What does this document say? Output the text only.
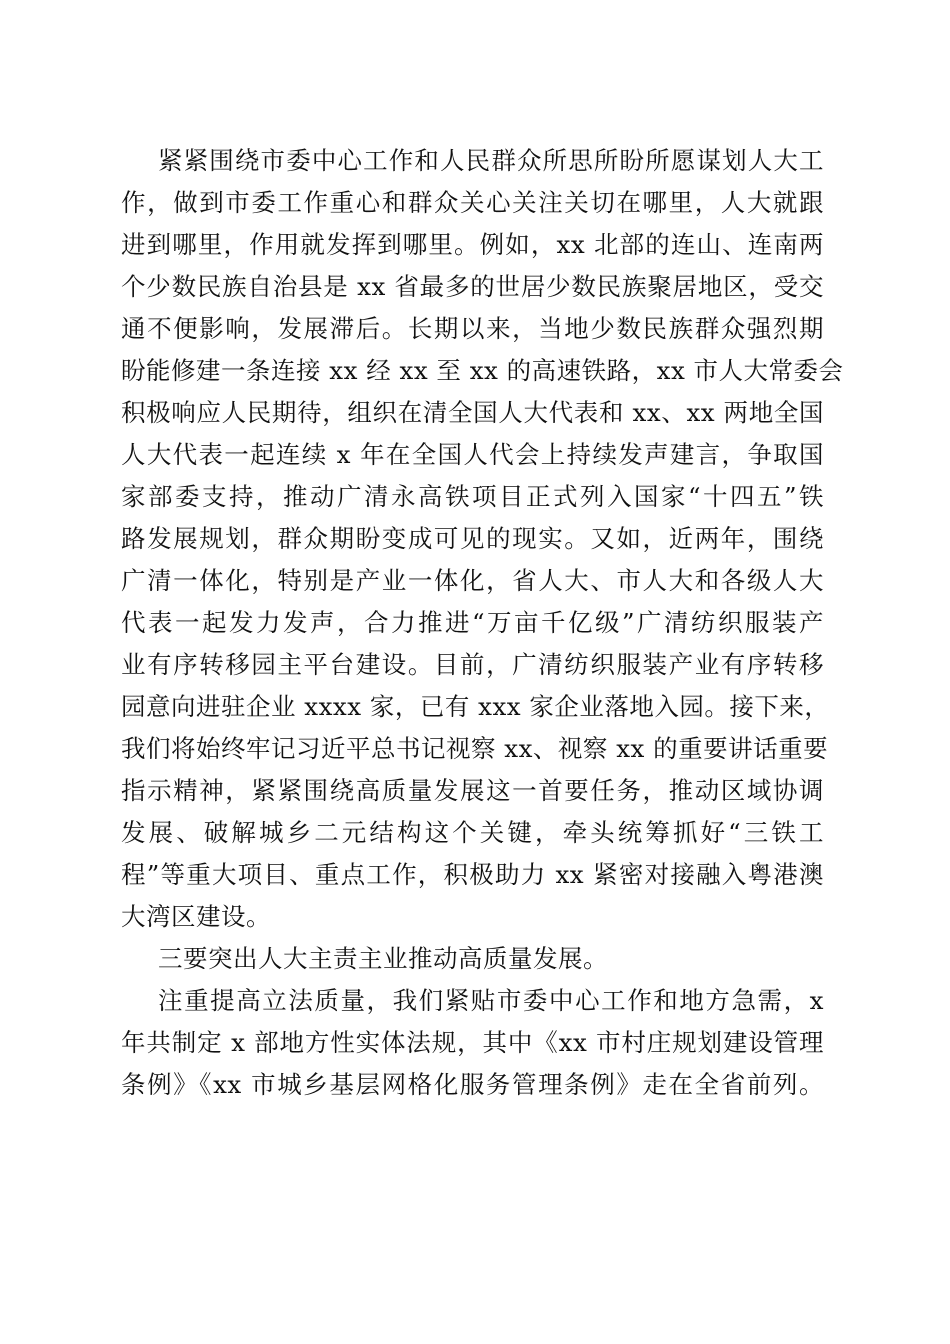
紧紧围绕市委中心工作和人民群众所思所盼所愿谋划人大工
作，做到市委工作重心和群众关心关注关切在哪里，人大就跟
进到哪里，作用就发挥到哪里。例如，xx 北部的连山、连南两
个少数民族自治县是 xx 省最多的世居少数民族聚居地区，受交
通不便影响，发展滞后。长期以来，当地少数民族群众强烈期
盼能修建一条连接 xx 经 xx 至 xx 的高速铁路，xx 市人大常委会
积极响应人民期待，组织在清全国人大代表和 xx、xx 两地全国
人大代表一起连续 x 年在全国人代会上持续发声建言，争取国
家部委支持，推动广清永高铁项目正式列入国家“十四五”铁
路发展规划，群众期盼变成可见的现实。又如，近两年，围绕
广清一体化，特别是产业一体化，省人大、市人大和各级人大
代表一起发力发声，合力推进“万亩千亿级”广清纺织服装产
业有序转移园主平台建设。目前，广清纺织服装产业有序转移
园意向进驻企业 xxxx 家，已有 xxx 家企业落地入园。接下来，
我们将始终牢记习近平总书记视察 xx、视察 xx 的重要讲话重要
指示精神，紧紧围绕高质量发展这一首要任务，推动区域协调
发展、破解城乡二元结构这个关键，牵头统筹抓好“三铁工
程”等重大项目、重点工作，积极助力 xx 紧密对接融入粤港澳
大湾区建设。
三要突出人大主责主业推动高质量发展。
注重提高立法质量，我们紧贴市委中心工作和地方急需，x
年共制定 x 部地方性实体法规，其中《xx 市村庄规划建设管理
条例》《xx 市城乡基层网格化服务管理条例》走在全省前列。
